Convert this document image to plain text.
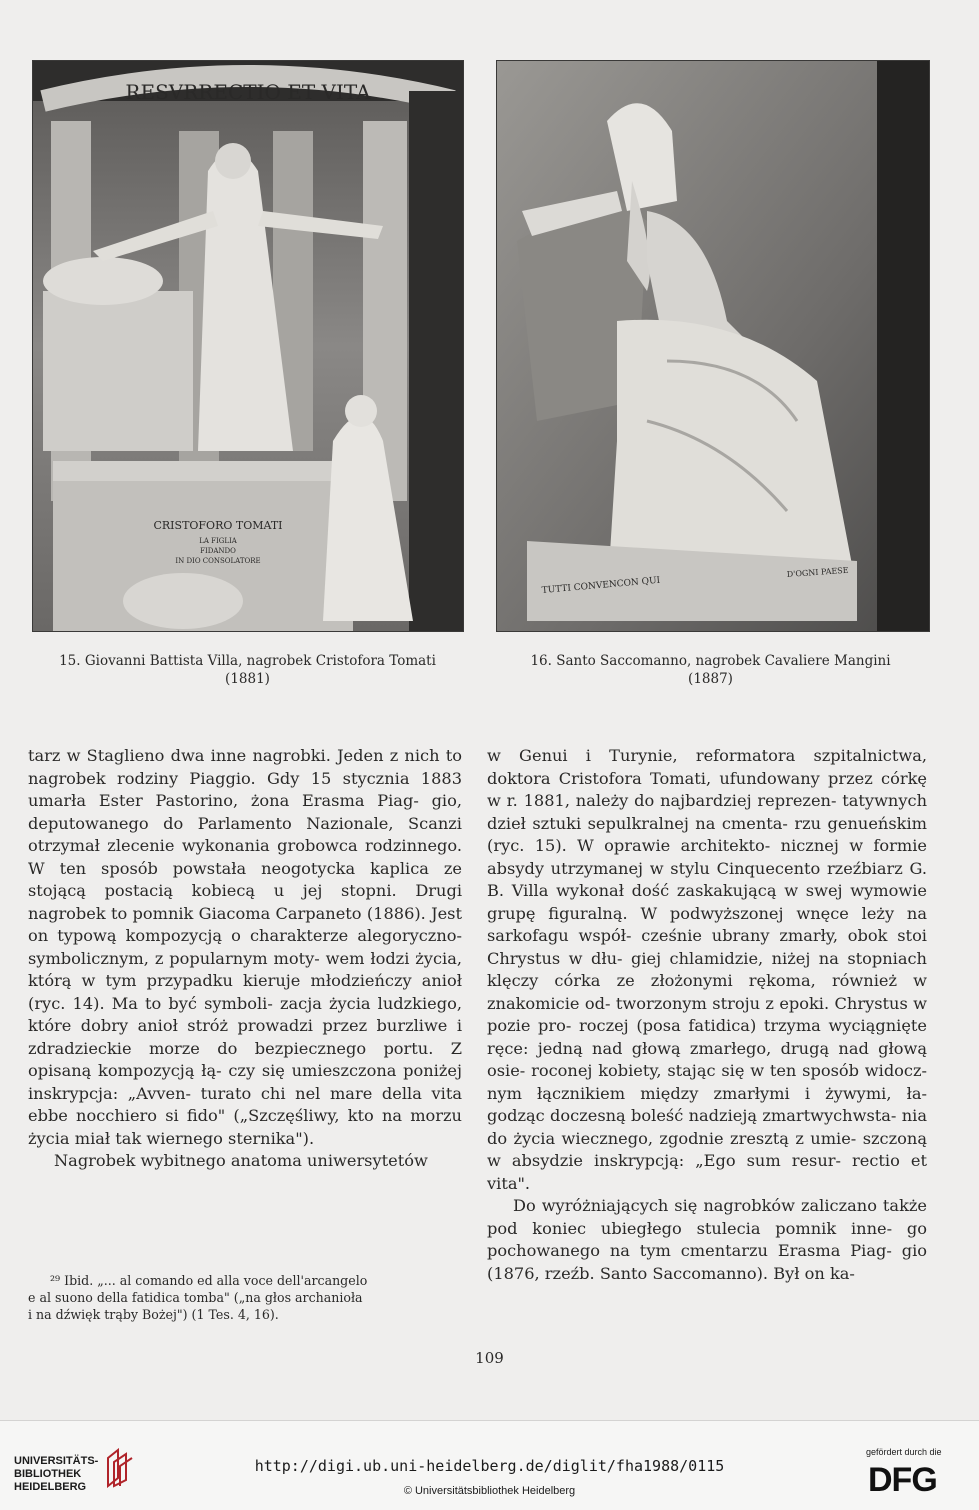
RESVRRECTIO ET VITA
CRISTOFORO TOMATI
LA FIGLIA
FIDANDO
IN DIO CONSOLATORE
15. Giovanni Battista Villa, nagrobek Cristofora Tomati
(1881)
TUTTI CONVENCON QUI
D'OGNI PAESE
16. Santo Saccomanno, nagrobek Cavaliere Mangini
(1887)

tarz w Staglieno dwa inne nagrobki. Jeden z nich to nagrobek rodziny Piaggio. Gdy 15 stycznia 1883 umarła Ester Pastorino, żona Erasma Piag- gio, deputowanego do Parlamento Nazionale, Scanzi otrzymał zlecenie wykonania grobowca rodzinnego. W ten sposób powstała neogotycka kaplica ze stojącą postacią kobiecą u jej stopni. Drugi nagrobek to pomnik Giacoma Carpaneto (1886). Jest on typową kompozycją o charakterze alegoryczno-symbolicznym, z popularnym moty- wem łodzi życia, którą w tym przypadku kieruje młodzieńczy anioł (ryc. 14). Ma to być symboli- zacja życia ludzkiego, które dobry anioł stróż prowadzi przez burzliwe i zdradzieckie morze do bezpiecznego portu. Z opisaną kompozycją łą- czy się umieszczona poniżej inskrypcja: „Avven- turato chi nel mare della vita ebbe nocchiero si fido" („Szczęśliwy, kto na morzu życia miał tak wiernego sternika").

Nagrobek wybitnego anatoma uniwersytetów

²⁹ Ibid. „... al comando ed alla voce dell'arcangelo
e al suono della fatidica tomba" („na głos archanioła
i na dźwięk trąby Bożej") (1 Tes. 4, 16).

w Genui i Turynie, reformatora szpitalnictwa, doktora Cristofora Tomati, ufundowany przez córkę w r. 1881, należy do najbardziej reprezen- tatywnych dzieł sztuki sepulkralnej na cmenta- rzu genueńskim (ryc. 15). W oprawie architekto- nicznej w formie absydy utrzymanej w stylu Cinquecento rzeźbiarz G. B. Villa wykonał dość zaskakującą w swej wymowie grupę figuralną. W podwyższonej wnęce leży na sarkofagu współ- cześnie ubrany zmarły, obok stoi Chrystus w dłu- giej chlamidzie, niżej na stopniach klęczy córka ze złożonymi rękoma, również w znakomicie od- tworzonym stroju z epoki. Chrystus w pozie pro- roczej (posa fatidica) trzyma wyciągnięte ręce: jedną nad głową zmarłego, drugą nad głową osie- roconej kobiety, stając się w ten sposób widocz- nym łącznikiem między zmarłymi i żywymi, ła- godząc doczesną boleść nadzieją zmartwychwsta- nia do życia wiecznego, zgodnie zresztą z umie- szczoną w absydzie inskrypcją: „Ego sum resur- rectio et vita".

Do wyróżniających się nagrobków zaliczano także pod koniec ubiegłego stulecia pomnik inne- go pochowanego na tym cmentarzu Erasma Piag- gio (1876, rzeźb. Santo Saccomanno). Był on ka-

109
UNIVERSITÄTS-
BIBLIOTHEK
HEIDELBERG
http://digi.ub.uni-heidelberg.de/diglit/fha1988/0115
© Universitätsbibliothek Heidelberg
gefördert durch die
DFG
